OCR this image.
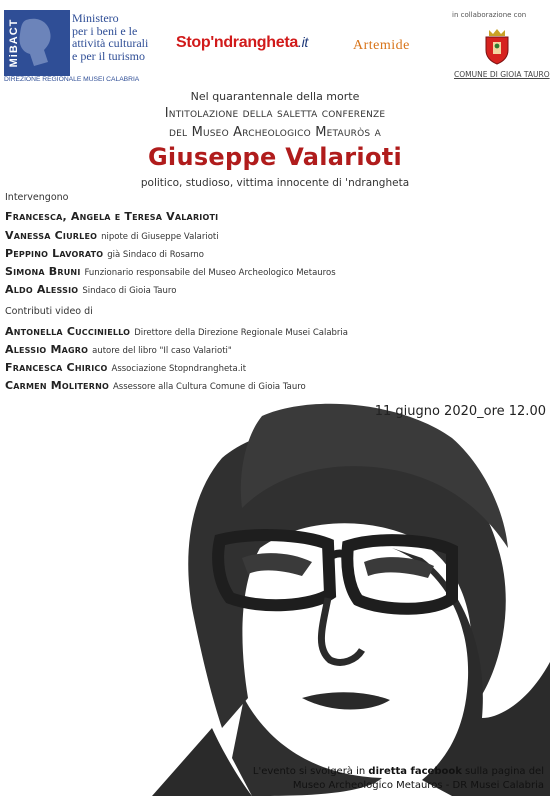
MiBACT
Ministero
per i beni e le
attività culturali
e per il turismo
DIREZIONE REGIONALE MUSEI CALABRIA
Stop'ndrangheta.it	Artemide
in collaborazione con
COMUNE DI GIOIA TAURO
Nel quarantennale della morte
Intitolazione della saletta conferenze
del Museo Archeologico Metauròs a
Giuseppe Valarioti
politico, studioso, vittima innocente di 'ndrangheta
Intervengono
Francesca, Angela e Teresa Valarioti
Vanessa Ciurleo nipote di Giuseppe Valarioti
Peppino Lavorato già Sindaco di Rosarno
Simona Bruni Funzionario responsabile del Museo Archeologico Metauros
Aldo Alessio Sindaco di Gioia Tauro
Contributi video di
Antonella Cucciniello Direttore della Direzione Regionale Musei Calabria
Alessio Magro autore del libro "Il caso Valarioti"
Francesca Chirico Associazione Stopndrangheta.it
Carmen Moliterno Assessore alla Cultura Comune di Gioia Tauro
11 giugno 2020_ore 12.00
L'evento si svolgerà in diretta facebook sulla pagina del
Museo Archeologico Metauros - DR Musei Calabria
